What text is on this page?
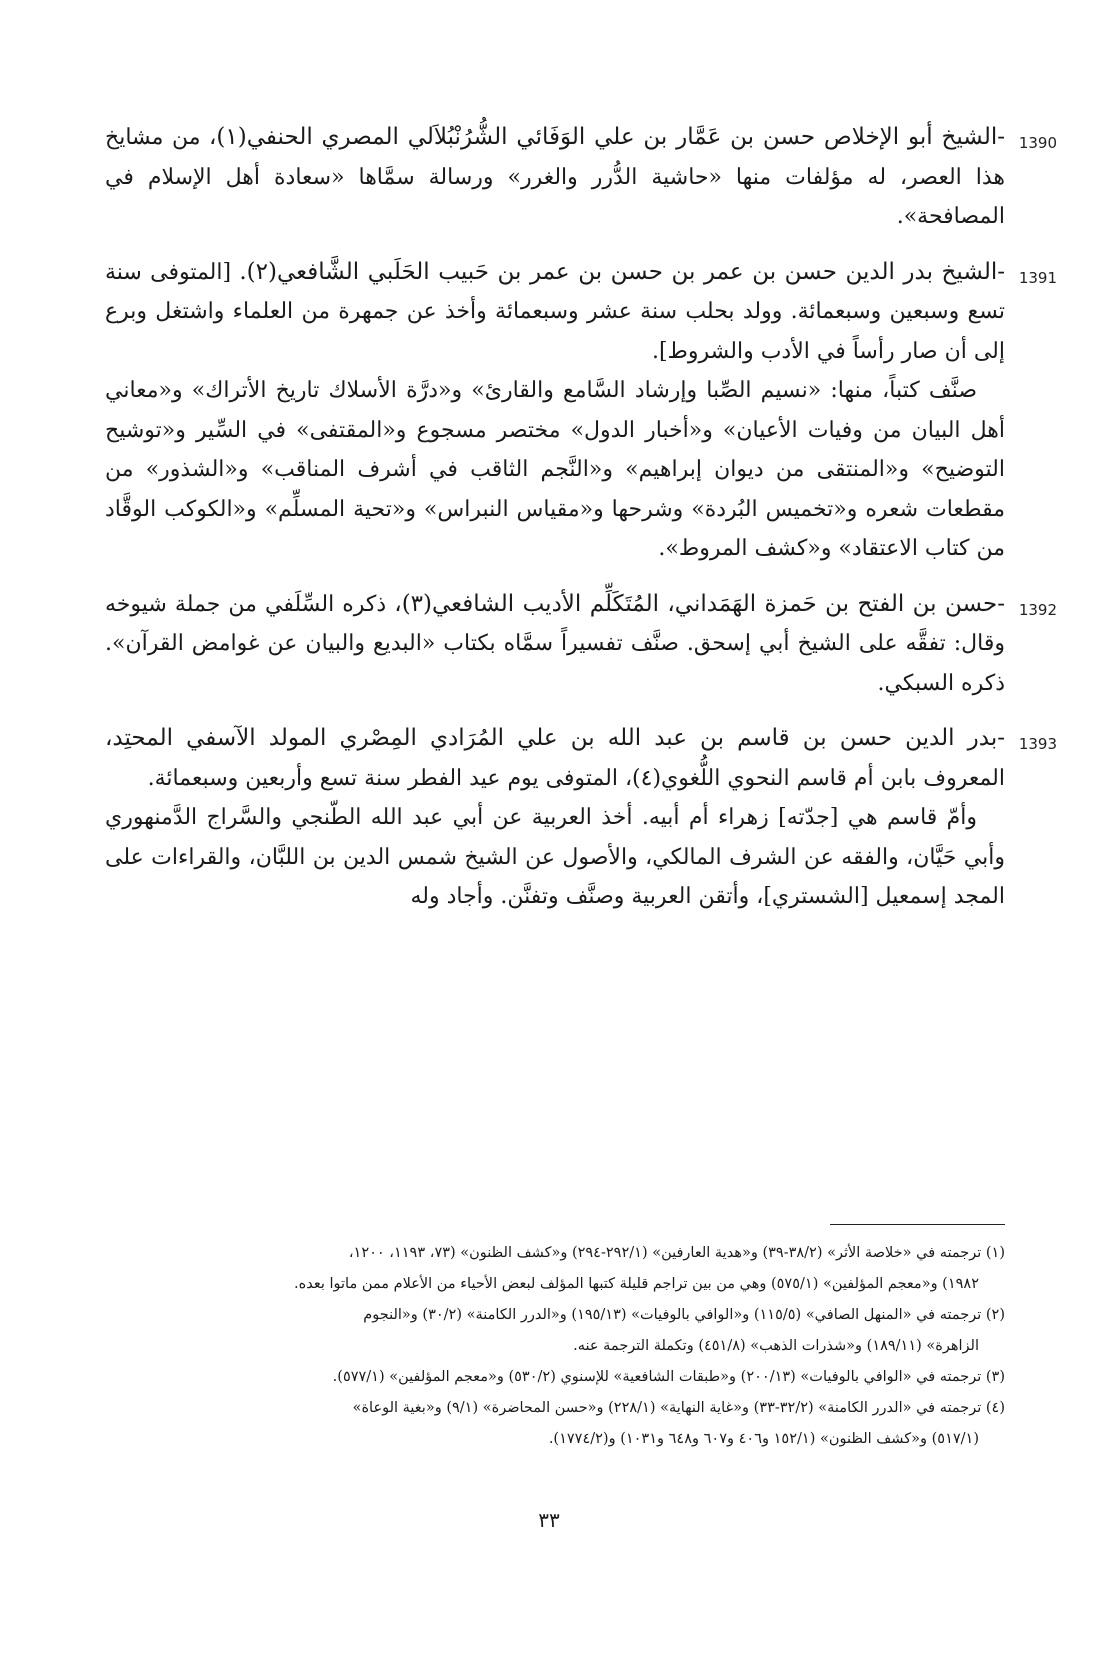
1390

-الشيخ أبو الإخلاص حسن بن عَمَّار بن علي الوَفَائي الشُّرُنْبُلاَلي المصري الحنفي(١)، من مشايخ هذا العصر، له مؤلفات منها «حاشية الدُّرر والغرر» ورسالة سمَّاها «سعادة أهل الإسلام في المصافحة».

1391

-الشيخ بدر الدين حسن بن عمر بن حسن بن عمر بن حَبيب الحَلَبي الشَّافعي(٢). [المتوفى سنة تسع وسبعين وسبعمائة. وولد بحلب سنة عشر وسبعمائة وأخذ عن جمهرة من العلماء واشتغل وبرع إلى أن صار رأساً في الأدب والشروط].

صنَّف كتباً، منها: «نسيم الصِّبا وإرشاد السَّامع والقارئ» و«درَّة الأسلاك تاريخ الأتراك» و«معاني أهل البيان من وفيات الأعيان» و«أخبار الدول» مختصر مسجوع و«المقتفى» في السِّير و«توشيح التوضيح» و«المنتقى من ديوان إبراهيم» و«النَّجم الثاقب في أشرف المناقب» و«الشذور» من مقطعات شعره و«تخميس البُردة» وشرحها و«مقياس النبراس» و«تحية المسلِّم» و«الكوكب الوقَّاد من كتاب الاعتقاد» و«كشف المروط».

1392

-حسن بن الفتح بن حَمزة الهَمَداني، المُتَكَلِّم الأديب الشافعي(٣)، ذكره السِّلَفي من جملة شيوخه وقال: تفقَّه على الشيخ أبي إسحق. صنَّف تفسيراً سمَّاه بكتاب «البديع والبيان عن غوامض القرآن». ذكره السبكي.

1393

-بدر الدين حسن بن قاسم بن عبد الله بن علي المُرَادي المِصْري المولد الآسفي المحتِد، المعروف بابن أم قاسم النحوي اللُّغوي(٤)، المتوفى يوم عيد الفطر سنة تسع وأربعين وسبعمائة.

وأمّ قاسم هي [جدّته] زهراء أم أبيه. أخذ العربية عن أبي عبد الله الطّنجي والسَّراج الدَّمنهوري وأبي حَيَّان، والفقه عن الشرف المالكي، والأصول عن الشيخ شمس الدين بن اللبَّان، والقراءات على المجد إسمعيل [الشستري]، وأتقن العربية وصنَّف وتفنَّن. وأجاد وله

(١) ترجمته في «خلاصة الأثر» (٣٨/٢-٣٩) و«هدية العارفين» (٢٩٢/١-٢٩٤) و«كشف الظنون» (٧٣، ١١٩٣، ١٢٠٠،
١٩٨٢) و«معجم المؤلفين» (٥٧٥/١) وهي من بين تراجم قليلة كتبها المؤلف لبعض الأحياء من الأعلام ممن ماتوا بعده.

(٢) ترجمته في «المنهل الصافي» (١١٥/٥) و«الوافي بالوفيات» (١٩٥/١٣) و«الدرر الكامنة» (٣٠/٢) و«النجوم
الزاهرة» (١٨٩/١١) و«شذرات الذهب» (٤٥١/٨) وتكملة الترجمة عنه.

(٣) ترجمته في «الوافي بالوفيات» (٢٠٠/١٣) و«طبقات الشافعية» للإسنوي (٥٣٠/٢) و«معجم المؤلفين» (٥٧٧/١).

(٤) ترجمته في «الدرر الكامنة» (٣٢/٢-٣٣) و«غاية النهاية» (٢٢٨/١) و«حسن المحاضرة» (٩/١) و«بغية الوعاة»
(٥١٧/١) و«كشف الظنون» (١٥٢/١ و٤٠٦ و٦٠٧ و٦٤٨ و١٠٣١) و(١٧٧٤/٢).

٣٣
